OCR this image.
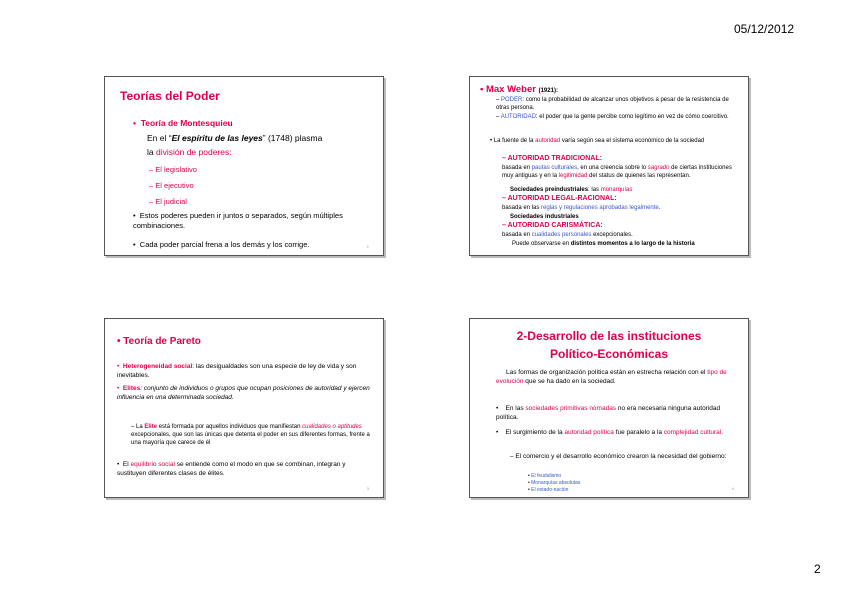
05/12/2012
2
Teorías del Poder
•  Teoría de Montesquieu
En el “El espíritu de las leyes” (1748) plasma
la división de poderes:
– El legislativo
– El ejecutivo
– El judicial
•  Estos poderes pueden ir juntos o separados, según múltiples combinaciones.
•  Cada poder parcial frena a los demás y los corrige.	1
• Max Weber (1921):
– PODER: como la probabilidad de alcanzar unos objetivos a pesar de la resistencia de otras persona.
– AUTORIDAD: el poder que la gente percibe como legítimo en vez de cómo coercitivo.
• La fuente de la autoridad varía según sea el sistema económico de la sociedad
– AUTORIDAD TRADICIONAL:
basada en pautas culturales, en una creencia sobre lo sagrado de ciertas instituciones muy antiguas y en la legitimidad del status de quienes las representan.
Sociedades preindustriales: las monarquías
– AUTORIDAD LEGAL-RACIONAL:
basada en las reglas y regulaciones aprobadas legalmente.
Sociedades industriales
– AUTORIDAD CARISMÁTICA:
basada en cualidades personales excepcionales.
Puede observarse en distintos momentos a lo largo de la historia
• Teoría de Pareto
• Heterogeneidad social: las desigualdades son una especie de ley de vida y son inevitables.
• Elites: conjunto de individuos o grupos que ocupan posiciones de autoridad y ejercen influencia en una determinada sociedad.
– La Elite está formada por aquellos individuos que manifiestan cualidades o aptitudes excepcionales, que son las únicas que detenta el poder en sus diferentes formas, frente a una mayoría que carece de él
•  El equilibrio social se entiende como el modo en que se combinan, integran y sustituyen diferentes clases de élites.
3
2-Desarrollo de las instituciones
Político-Económicas
Las formas de organización política están en estrecha relación con el tipo de evolución que se ha dado en la sociedad.
•    En las sociedades primitivas nómadas no era necesaria ninguna autoridad política.
•    El surgimiento de la autoridad política fue paralelo a la complejidad cultural.
– El comercio y el desarrollo económico crearon la necesidad del gobierno:
• El feudalismo
• Monarquías absolutas
• El estado-nación	4
